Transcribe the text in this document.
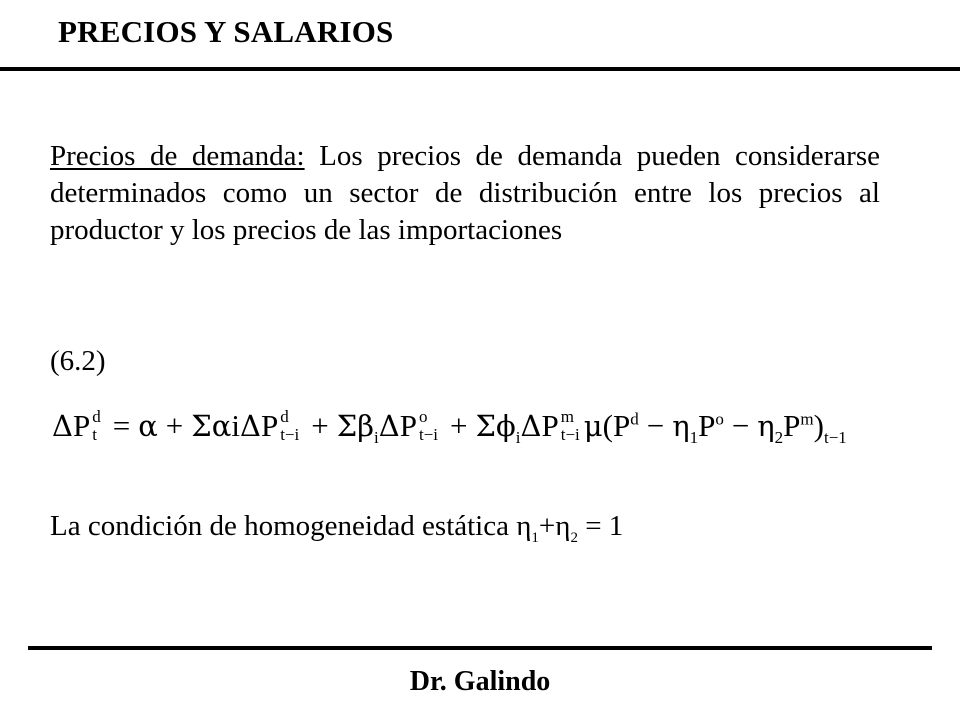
PRECIOS Y SALARIOS
Precios de demanda: Los precios de demanda pueden considerarse determinados como un sector de distribución entre los precios al productor y los precios de las importaciones
(6.2)
ΔP d
t = α + ΣαiΔP d
$t-i + \Sigma\beta_i\Delta P$ o
$t-i + \Sigma\phi_i\Delta P$ m
t−i $\mu(P^d - \eta_1P^o - \eta_2P^m)_{t-1}$
La condición de homogeneidad estática $\eta_1+\eta_2 = 1$
Dr. Galindo
